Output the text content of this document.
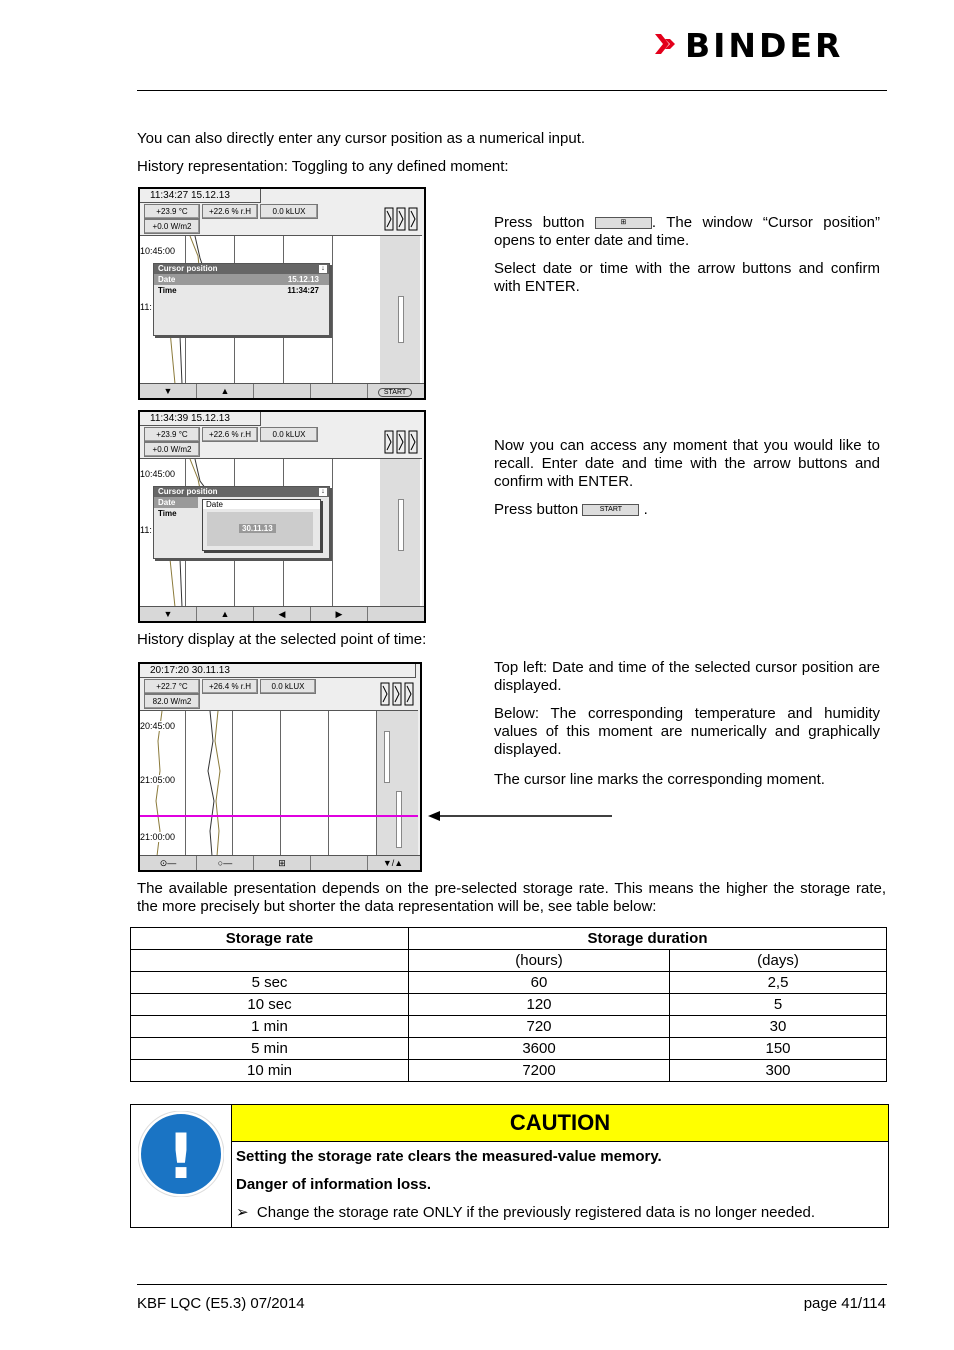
BINDER

You can also directly enter any cursor position as a numerical input.

History representation: Toggling to any defined moment:

11:34:27 15.12.13
+23.9 °C	+22.6 % r.H	0.0 kLUX
+0.0 W/m2
10:45:00
11:
Cursor position	↓
Date	15.12.13
Time	11:34:27
▼	▲	START

Press button	⊞ . The window “Cursor position” opens to enter date and time.

Select date or time with the arrow buttons and confirm with ENTER.

11:34:39 15.12.13
+23.9 °C	+22.6 % r.H	0.0 kLUX
+0.0 W/m2
10:45:00
11:
Cursor position	↓
Date
Time
Date
30.11.13
▼	▲	◀	▶

Now you can access any moment that you would like to recall. Enter date and time with the arrow buttons and confirm with ENTER.

Press button	START .

History display at the selected point of time:

20:17:20 30.11.13
+22.7 °C	+26.4 % r.H	0.0 kLUX
82.0 W/m2
20:45:00
21:05:00
21:00:00
⊙—	○—	⊞	▼/▲

Top left: Date and time of the selected cursor position are displayed.

Below: The corresponding temperature and humidity values of this moment are numerically and graphically displayed.

The cursor line marks the corresponding moment.

The available presentation depends on the pre-selected storage rate. This means the higher the storage rate, the more precisely but shorter the data representation will be, see table below:

Storage rate	Storage duration	
	(hours)	(days)
5 sec	60	2,5
10 sec	120	5
1 min	720	30
5 min	3600	150
10 min	7200	300
!	CAUTION

Setting the storage rate clears the measured-value memory.

Danger of information loss.

➢ Change the storage rate ONLY if the previously registered data is no longer needed.

KBF LQC (E5.3) 07/2014	page 41/114
